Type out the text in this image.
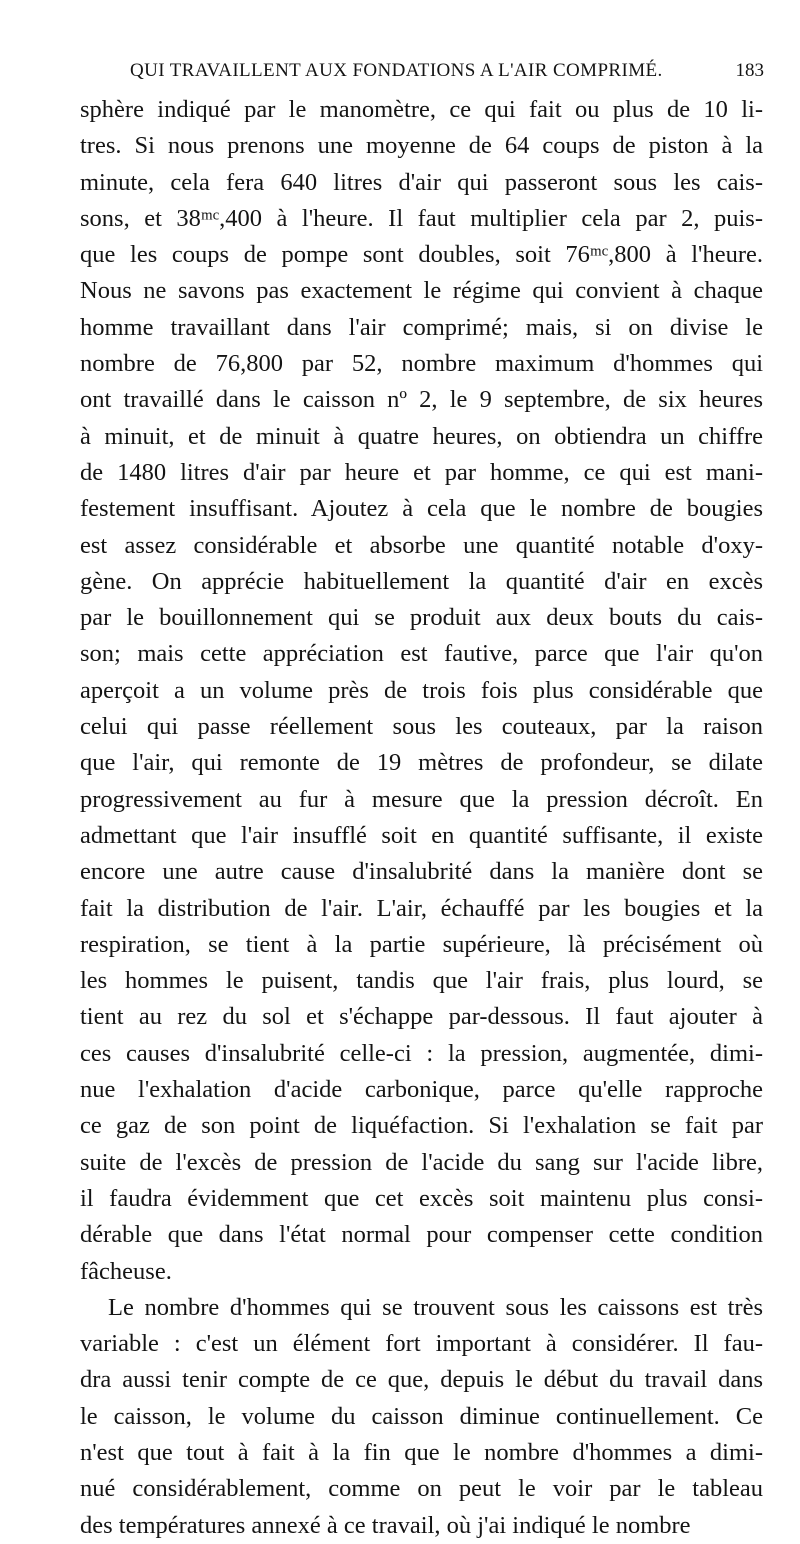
QUI TRAVAILLENT AUX FONDATIONS A L'AIR COMPRIMÉ.	183
sphère indiqué par le manomètre, ce qui fait ou plus de 10 li-
tres. Si nous prenons une moyenne de 64 coups de piston à la
minute, cela fera 640 litres d'air qui passeront sous les cais-
sons, et 38ᵐᶜ,400 à l'heure. Il faut multiplier cela par 2, puis-
que les coups de pompe sont doubles, soit 76ᵐᶜ,800 à l'heure.
Nous ne savons pas exactement le régime qui convient à chaque
homme travaillant dans l'air comprimé; mais, si on divise le
nombre de 76,800 par 52, nombre maximum d'hommes qui
ont travaillé dans le caisson nº 2, le 9 septembre, de six heures
à minuit, et de minuit à quatre heures, on obtiendra un chiffre
de 1480 litres d'air par heure et par homme, ce qui est mani-
festement insuffisant. Ajoutez à cela que le nombre de bougies
est assez considérable et absorbe une quantité notable d'oxy-
gène. On apprécie habituellement la quantité d'air en excès
par le bouillonnement qui se produit aux deux bouts du cais-
son; mais cette appréciation est fautive, parce que l'air qu'on
aperçoit a un volume près de trois fois plus considérable que
celui qui passe réellement sous les couteaux, par la raison
que l'air, qui remonte de 19 mètres de profondeur, se dilate
progressivement au fur à mesure que la pression décroît. En
admettant que l'air insufflé soit en quantité suffisante, il existe
encore une autre cause d'insalubrité dans la manière dont se
fait la distribution de l'air. L'air, échauffé par les bougies et la
respiration, se tient à la partie supérieure, là précisément où
les hommes le puisent, tandis que l'air frais, plus lourd, se
tient au rez du sol et s'échappe par-dessous. Il faut ajouter à
ces causes d'insalubrité celle-ci : la pression, augmentée, dimi-
nue l'exhalation d'acide carbonique, parce qu'elle rapproche
ce gaz de son point de liquéfaction. Si l'exhalation se fait par
suite de l'excès de pression de l'acide du sang sur l'acide libre,
il faudra évidemment que cet excès soit maintenu plus consi-
dérable que dans l'état normal pour compenser cette condition
fâcheuse.
Le nombre d'hommes qui se trouvent sous les caissons est très
variable : c'est un élément fort important à considérer. Il fau-
dra aussi tenir compte de ce que, depuis le début du travail dans
le caisson, le volume du caisson diminue continuellement. Ce
n'est que tout à fait à la fin que le nombre d'hommes a dimi-
nué considérablement, comme on peut le voir par le tableau
des températures annexé à ce travail, où j'ai indiqué le nombre
